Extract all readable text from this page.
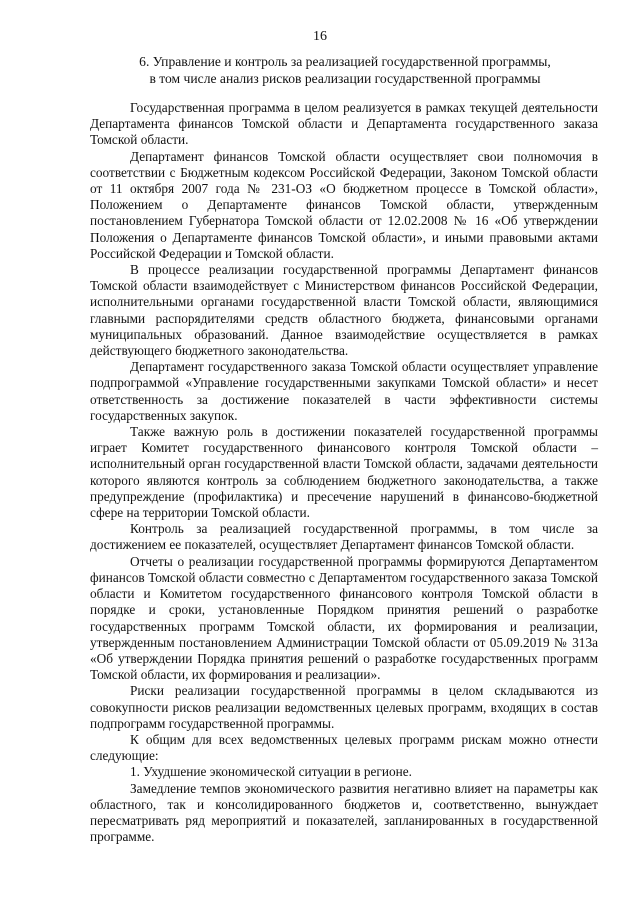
16
6. Управление и контроль за реализацией государственной программы,
в том числе анализ рисков реализации государственной программы

Государственная программа в целом реализуется в рамках текущей деятельности Департамента финансов Томской области и Департамента государственного заказа Томской области.

Департамент финансов Томской области осуществляет свои полномочия в соответствии с Бюджетным кодексом Российской Федерации, Законом Томской области от 11 октября 2007 года № 231-ОЗ «О бюджетном процессе в Томской области», Положением о Департаменте финансов Томской области, утвержденным постановлением Губернатора Томской области от 12.02.2008 № 16 «Об утверждении Положения о Департаменте финансов Томской области», и иными правовыми актами Российской Федерации и Томской области.

В процессе реализации государственной программы Департамент финансов Томской области взаимодействует с Министерством финансов Российской Федерации, исполнительными органами государственной власти Томской области, являющимися главными распорядителями средств областного бюджета, финансовыми органами муниципальных образований. Данное взаимодействие осуществляется в рамках действующего бюджетного законодательства.

Департамент государственного заказа Томской области осуществляет управление подпрограммой «Управление государственными закупками Томской области» и несет ответственность за достижение показателей в части эффективности системы государственных закупок.

Также важную роль в достижении показателей государственной программы играет Комитет государственного финансового контроля Томской области – исполнительный орган государственной власти Томской области, задачами деятельности которого являются контроль за соблюдением бюджетного законодательства, а также предупреждение (профилактика) и пресечение нарушений в финансово-бюджетной сфере на территории Томской области.

Контроль за реализацией государственной программы, в том числе за достижением ее показателей, осуществляет Департамент финансов Томской области.

Отчеты о реализации государственной программы формируются Департаментом финансов Томской области совместно с Департаментом государственного заказа Томской области и Комитетом государственного финансового контроля Томской области в порядке и сроки, установленные Порядком принятия решений о разработке государственных программ Томской области, их формирования и реализации, утвержденным постановлением Администрации Томской области от 05.09.2019 № 313а «Об утверждении Порядка принятия решений о разработке государственных программ Томской области, их формирования и реализации».

Риски реализации государственной программы в целом складываются из совокупности рисков реализации ведомственных целевых программ, входящих в состав подпрограмм государственной программы.

К общим для всех ведомственных целевых программ рискам можно отнести следующие:

1. Ухудшение экономической ситуации в регионе.

Замедление темпов экономического развития негативно влияет на параметры как областного, так и консолидированного бюджетов и, соответственно, вынуждает пересматривать ряд мероприятий и показателей, запланированных в государственной программе.
